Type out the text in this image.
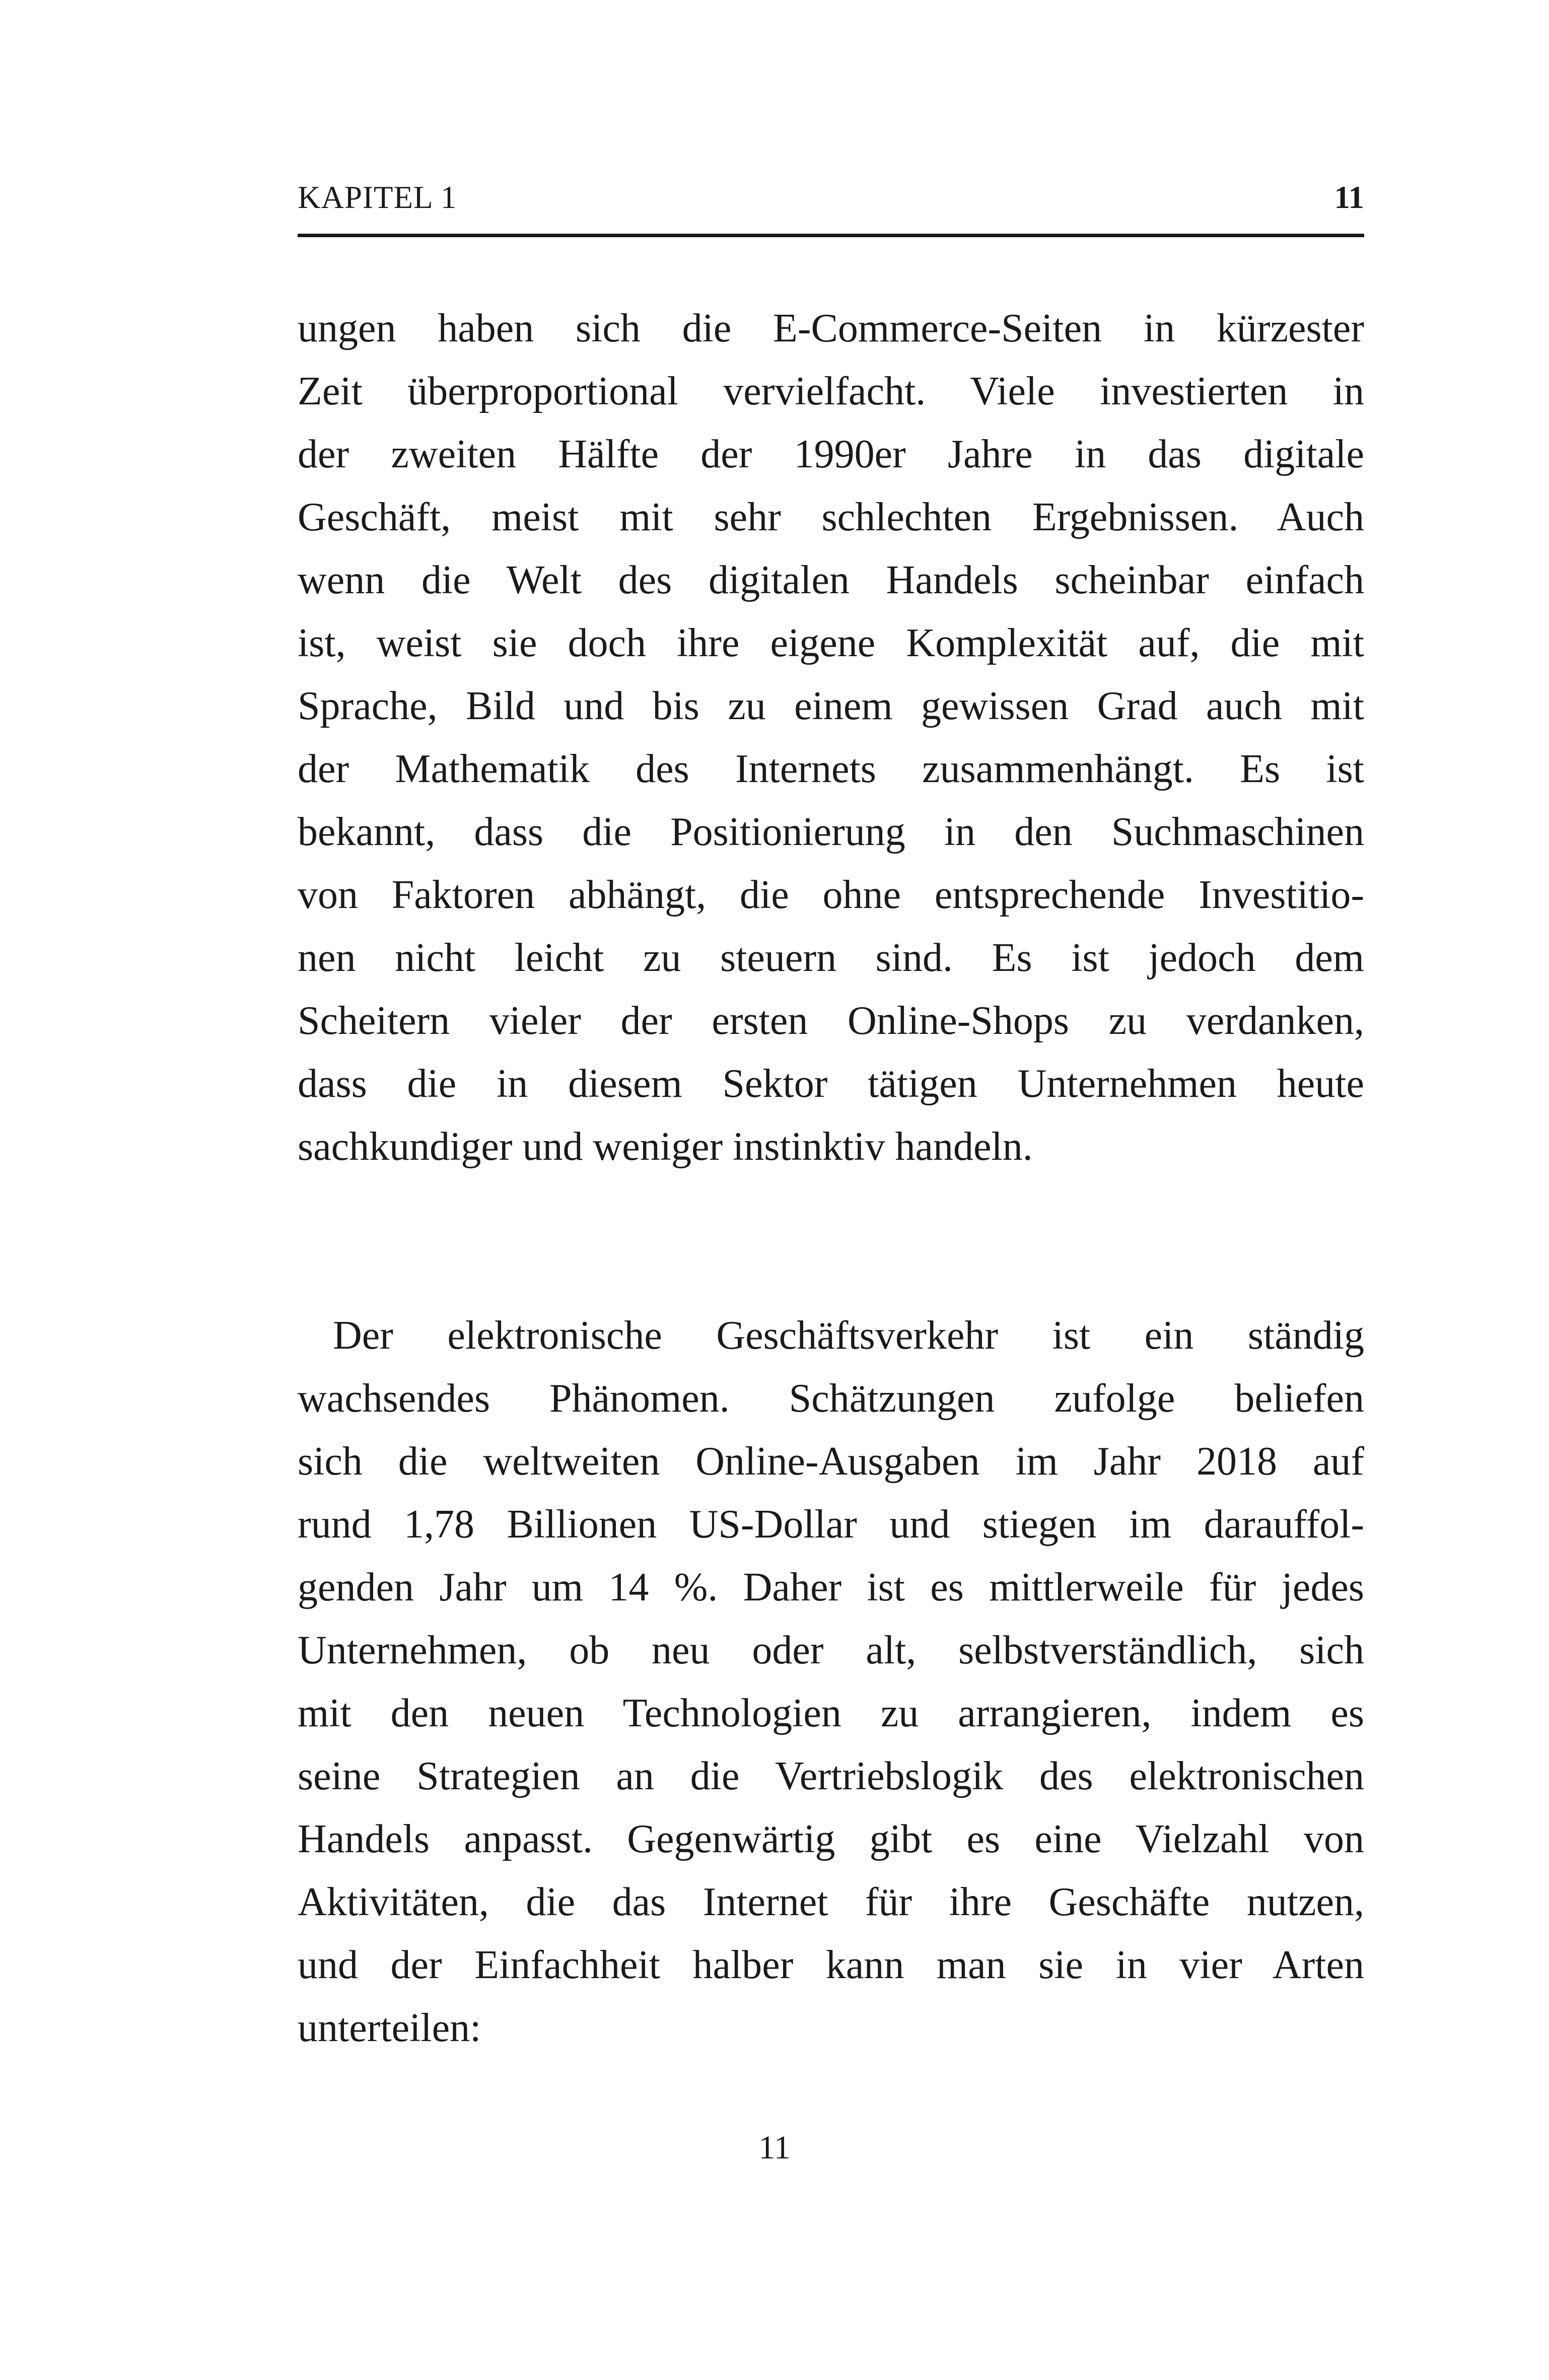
KAPITEL 1	11
ungen haben sich die E-Commerce-Seiten in kürzester
Zeit überproportional vervielfacht. Viele investierten in
der zweiten Hälfte der 1990er Jahre in das digitale
Geschäft, meist mit sehr schlechten Ergebnissen. Auch
wenn die Welt des digitalen Handels scheinbar einfach
ist, weist sie doch ihre eigene Komplexität auf, die mit
Sprache, Bild und bis zu einem gewissen Grad auch mit
der Mathematik des Internets zusammenhängt. Es ist
bekannt, dass die Positionierung in den Suchmaschinen
von Faktoren abhängt, die ohne entsprechende Investitio-
nen nicht leicht zu steuern sind. Es ist jedoch dem
Scheitern vieler der ersten Online-Shops zu verdanken,
dass die in diesem Sektor tätigen Unternehmen heute
sachkundiger und weniger instinktiv handeln.
Der elektronische Geschäftsverkehr ist ein ständig
wachsendes Phänomen. Schätzungen zufolge beliefen
sich die weltweiten Online-Ausgaben im Jahr 2018 auf
rund 1,78 Billionen US-Dollar und stiegen im darauffol-
genden Jahr um 14 %. Daher ist es mittlerweile für jedes
Unternehmen, ob neu oder alt, selbstverständlich, sich
mit den neuen Technologien zu arrangieren, indem es
seine Strategien an die Vertriebslogik des elektronischen
Handels anpasst. Gegenwärtig gibt es eine Vielzahl von
Aktivitäten, die das Internet für ihre Geschäfte nutzen,
und der Einfachheit halber kann man sie in vier Arten
unterteilen:
11
